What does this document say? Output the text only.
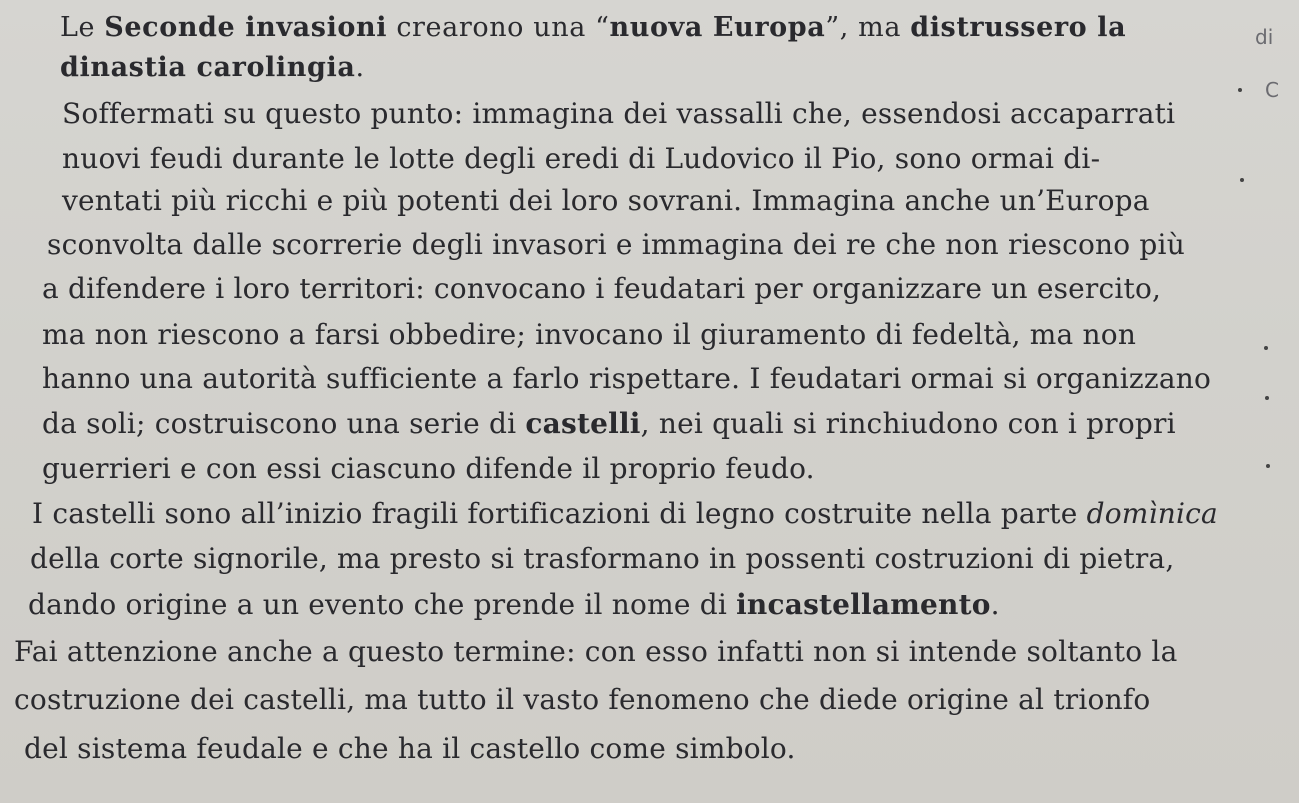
Le Seconde invasioni crearono una “nuova Europa”, ma distrussero la
dinastia carolingia.
Soffermati su questo punto: immagina dei vassalli che, essendosi accaparrati
nuovi feudi durante le lotte degli eredi di Ludovico il Pio, sono ormai di-
ventati più ricchi e più potenti dei loro sovrani. Immagina anche un’Europa
sconvolta dalle scorrerie degli invasori e immagina dei re che non riescono più
a difendere i loro territori: convocano i feudatari per organizzare un esercito,
ma non riescono a farsi obbedire; invocano il giuramento di fedeltà, ma non
hanno una autorità sufficiente a farlo rispettare. I feudatari ormai si organizzano
da soli; costruiscono una serie di castelli, nei quali si rinchiudono con i propri
guerrieri e con essi ciascuno difende il proprio feudo.
I castelli sono all’inizio fragili fortificazioni di legno costruite nella parte domìnica
della corte signorile, ma presto si trasformano in possenti costruzioni di pietra,
dando origine a un evento che prende il nome di incastellamento.
Fai attenzione anche a questo termine: con esso infatti non si intende soltanto la
costruzione dei castelli, ma tutto il vasto fenomeno che diede origine al trionfo
del sistema feudale e che ha il castello come simbolo.
di
C
